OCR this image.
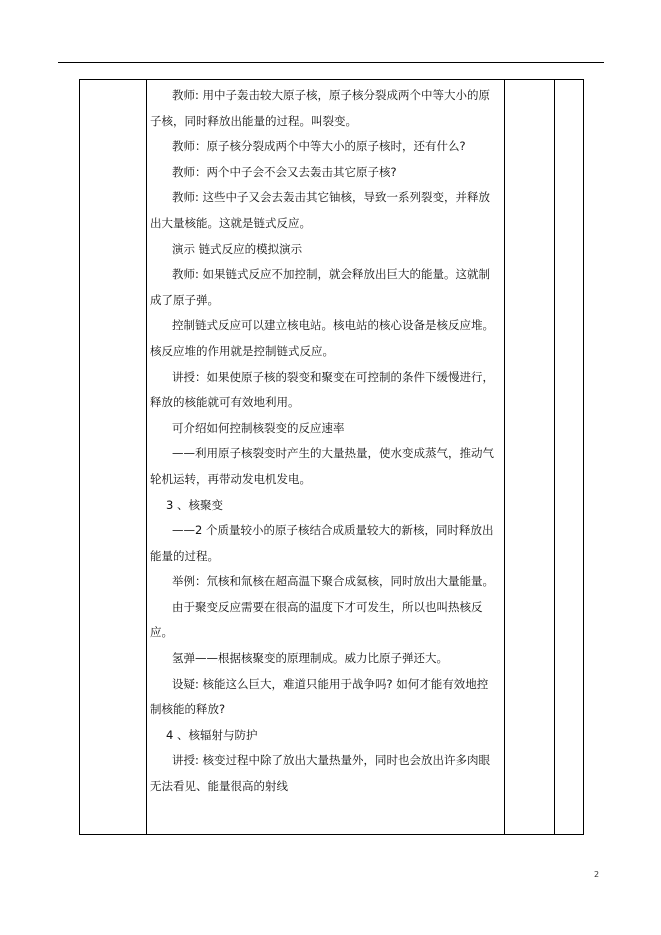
教师: 用中子轰击较大原子核，原子核分裂成两个中等大小的原子核，同时释放出能量的过程。叫裂变。

教师：原子核分裂成两个中等大小的原子核时，还有什么?

教师：两个中子会不会又去轰击其它原子核?

教师: 这些中子又会去轰击其它铀核，导致一系列裂变，并释放出大量核能。这就是链式反应。

演示 链式反应的模拟演示

教师: 如果链式反应不加控制，就会释放出巨大的能量。这就制成了原子弹。

控制链式反应可以建立核电站。核电站的核心设备是核反应堆。核反应堆的作用就是控制链式反应。

讲授：如果使原子核的裂变和聚变在可控制的条件下缓慢进行，释放的核能就可有效地利用。

可介绍如何控制核裂变的反应速率

——利用原子核裂变时产生的大量热量，使水变成蒸气，推动气轮机运转，再带动发电机发电。

3 、核聚变

——2 个质量较小的原子核结合成质量较大的新核，同时释放出能量的过程。

举例：氘核和氚核在超高温下聚合成氦核，同时放出大量能量。

由于聚变反应需要在很高的温度下才可发生，所以也叫热核反应。

氢弹——根据核聚变的原理制成。威力比原子弹还大。

设疑: 核能这么巨大，难道只能用于战争吗? 如何才能有效地控制核能的释放?

4 、核辐射与防护

讲授: 核变过程中除了放出大量热量外，同时也会放出许多肉眼无法看见、能量很高的射线

2
